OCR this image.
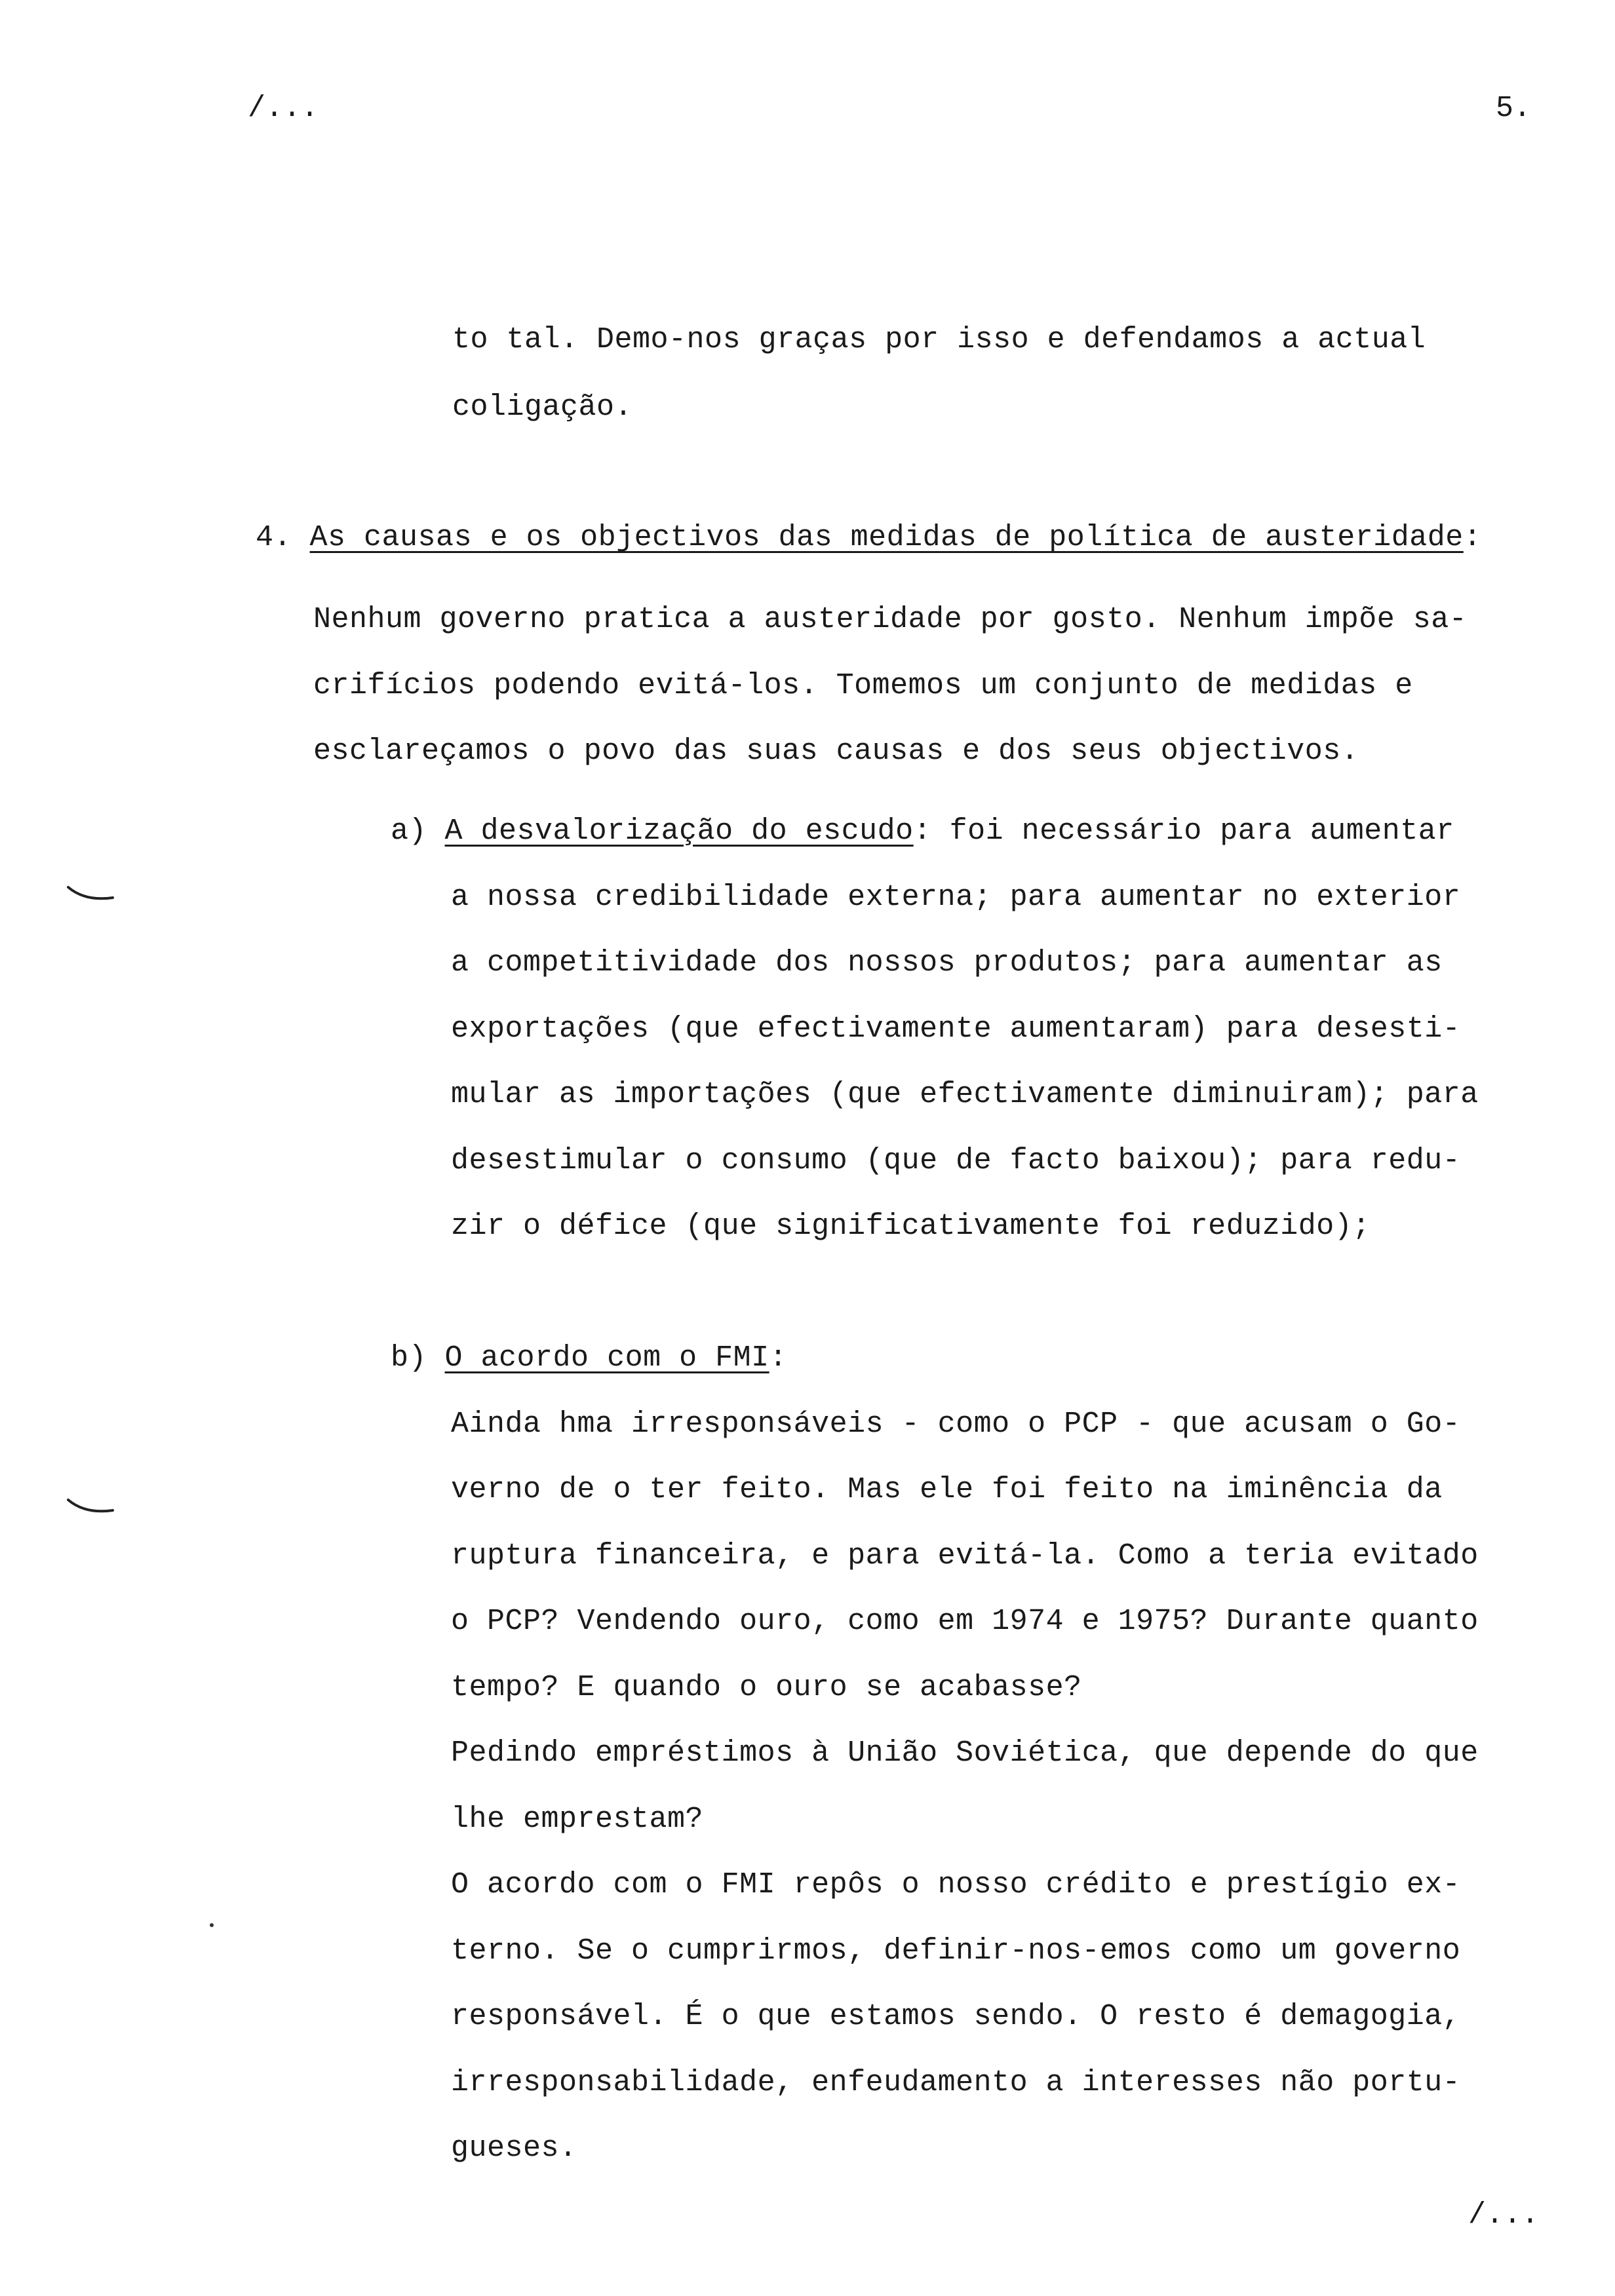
/...	5.
to tal. Demo-nos graças por isso e defendamos a actual
coligação.
4. As causas e os objectivos das medidas de política de austeridade:
Nenhum governo pratica a austeridade por gosto. Nenhum impõe sa-
crifícios podendo evitá-los. Tomemos um conjunto de medidas e
esclareçamos o povo das suas causas e dos seus objectivos.
a) A desvalorização do escudo: foi necessário para aumentar
a nossa credibilidade externa; para aumentar no exterior
a competitividade dos nossos produtos; para aumentar as
exportações (que efectivamente aumentaram) para desesti-
mular as importações (que efectivamente diminuiram); para
desestimular o consumo (que de facto baixou); para redu-
zir o défice (que significativamente foi reduzido);
b) O acordo com o FMI:
Ainda hma irresponsáveis - como o PCP - que acusam o Go-
verno de o ter feito. Mas ele foi feito na iminência da
ruptura financeira, e para evitá-la. Como a teria evitado
o PCP? Vendendo ouro, como em 1974 e 1975? Durante quanto
tempo? E quando o ouro se acabasse?
Pedindo empréstimos à União Soviética, que depende do que
lhe emprestam?
O acordo com o FMI repôs o nosso crédito e prestígio ex-
terno. Se o cumprirmos, definir-nos-emos como um governo
responsável. É o que estamos sendo. O resto é demagogia,
irresponsabilidade, enfeudamento a interesses não portu-
gueses.
/...
